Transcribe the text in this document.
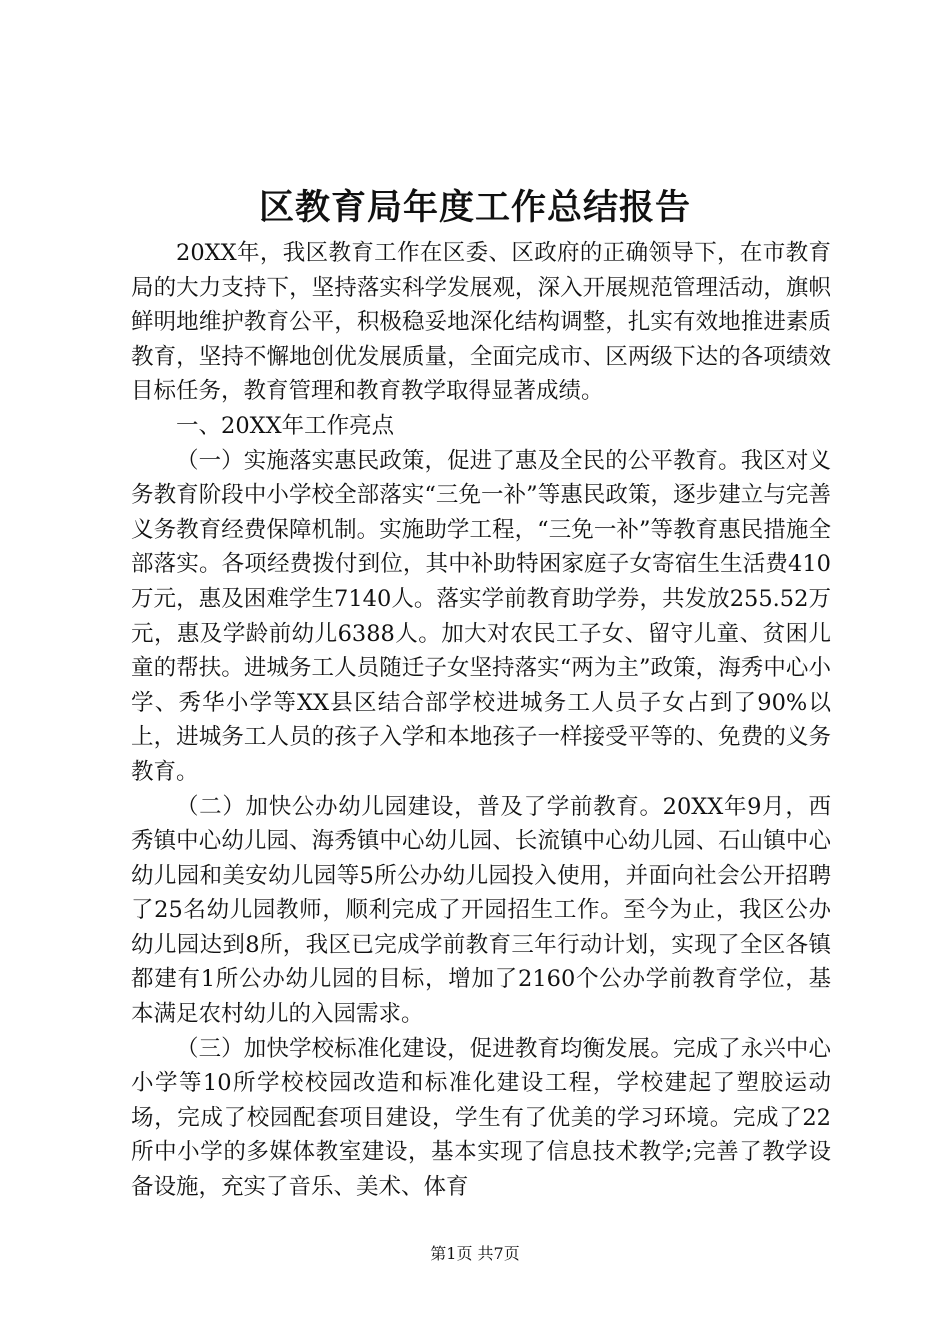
区教育局年度工作总结报告

20XX年，我区教育工作在区委、区政府的正确领导下，在市教育局的大力支持下，坚持落实科学发展观，深入开展规范管理活动，旗帜鲜明地维护教育公平，积极稳妥地深化结构调整，扎实有效地推进素质教育，坚持不懈地创优发展质量，全面完成市、区两级下达的各项绩效目标任务，教育管理和教育教学取得显著成绩。

一、20XX年工作亮点

（一）实施落实惠民政策，促进了惠及全民的公平教育。我区对义务教育阶段中小学校全部落实“三免一补”等惠民政策，逐步建立与完善义务教育经费保障机制。实施助学工程，“三免一补”等教育惠民措施全部落实。各项经费拨付到位，其中补助特困家庭子女寄宿生生活费410万元，惠及困难学生7140人。落实学前教育助学券，共发放255.52万元，惠及学龄前幼儿6388人。加大对农民工子女、留守儿童、贫困儿童的帮扶。进城务工人员随迁子女坚持落实“两为主”政策，海秀中心小学、秀华小学等XX县区结合部学校进城务工人员子女占到了90%以上，进城务工人员的孩子入学和本地孩子一样接受平等的、免费的义务教育。

（二）加快公办幼儿园建设，普及了学前教育。20XX年9月，西秀镇中心幼儿园、海秀镇中心幼儿园、长流镇中心幼儿园、石山镇中心幼儿园和美安幼儿园等5所公办幼儿园投入使用，并面向社会公开招聘了25名幼儿园教师，顺利完成了开园招生工作。至今为止，我区公办幼儿园达到8所，我区已完成学前教育三年行动计划，实现了全区各镇都建有1所公办幼儿园的目标，增加了2160个公办学前教育学位，基本满足农村幼儿的入园需求。

（三）加快学校标准化建设，促进教育均衡发展。完成了永兴中心小学等10所学校校园改造和标准化建设工程，学校建起了塑胶运动场，完成了校园配套项目建设，学生有了优美的学习环境。完成了22所中小学的多媒体教室建设，基本实现了信息技术教学;完善了教学设备设施，充实了音乐、美术、体育

第1页 共7页
